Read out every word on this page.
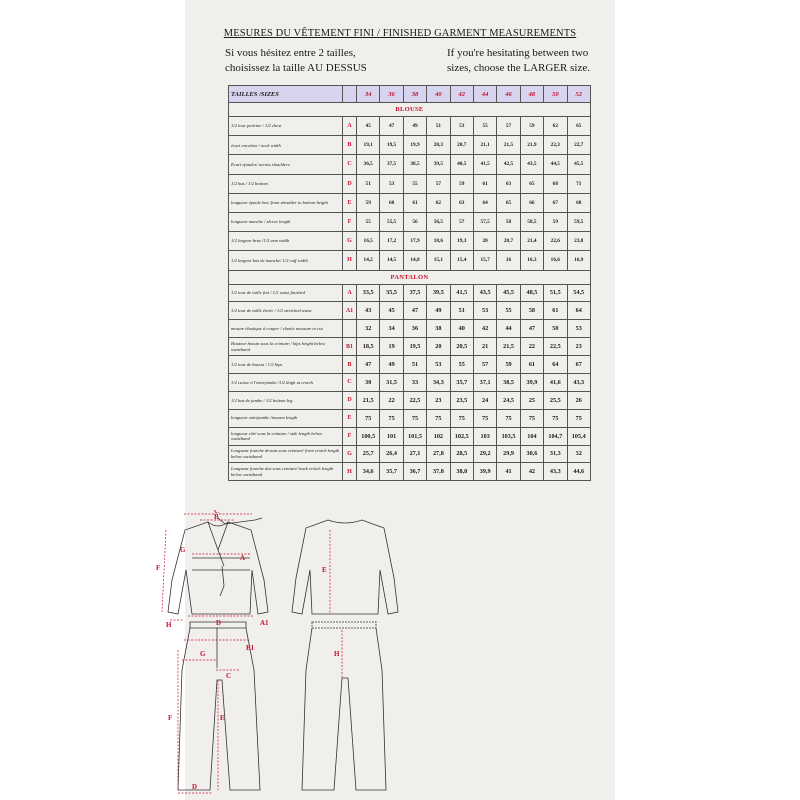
MESURES DU VÊTEMENT FINI / FINISHED GARMENT MEASUREMENTS
Si vous hésitez entre 2 tailles, choisissez la taille AU DESSUS
If you're hesitating between two sizes, choose the LARGER size.
TAILLES /SIZES		34	36	38	40	42	44	46	48	50	52
BLOUSE											
1/2 tour poitrine / 1/2 chest	A	45	47	49	51	53	55	57	59	62	65
écart encolure / neck width	B	19,1	19,5	19,9	20,3	20,7	21,1	21,5	21,9	22,3	22,7
Ecart épaules/ across shoulders	C	36,5	37,5	38,5	39,5	40,5	41,5	42,5	43,5	44,5	45,5
1/2 bas / 1/2 bottom	D	51	53	55	57	59	61	63	65	68	71
longueur épaule bas /from shoulder to bottom height	E	59	60	61	62	63	64	65	66	67	68
longueur manche / sleeve length	F	55	55,5	56	56,5	57	57,5	58	58,5	59	59,5
1/2 largeur bras /1/2 arm width	G	16,5	17,2	17,9	18,6	19,3	20	20,7	21,4	22,6	23,8
1/2 largeur bas de manche/ 1/2 cuff width	H	14,2	14,5	14,8	15,1	15,4	15,7	16	16,3	16,6	16,9
PANTALON											
1/2 tour de taille fini / 1/2 waist finished	A	33,5	35,5	37,5	39,5	41,5	43,5	45,5	48,5	51,5	54,5
1/2 tour de taille étirée / 1/2 stretched waist	A1	43	45	47	49	51	53	55	58	61	64
mesure élastique à couper / elastic measure to cut		32	34	36	38	40	42	44	47	50	53
Hauteur bassin sous la ceinture / hips height below waistband	B1	18,5	19	19,5	20	20,5	21	21,5	22	22,5	23
1/2 tour de bassin / 1/2 hips	B	47	49	51	53	55	57	59	61	64	67
1/2 cuisse à l'entrejambe /1/2 thigh at crotch	C	30	31,5	33	34,3	35,7	37,1	38,5	39,9	41,6	43,3
1/2 bas de jambe / 1/2 bottom leg	D	21,5	22	22,5	23	23,5	24	24,5	25	25,5	26
longueur entrejambe /inseam length	E	75	75	75	75	75	75	75	75	75	75
longueur côté sous la ceinture / side length below waistband	F	100,5	101	101,5	102	102,5	103	103,5	104	104,7	105,4
Longueur fourche devant sous ceinture/ front crotch length below waistband	G	25,7	26,4	27,1	27,8	28,5	29,2	29,9	30,6	31,3	32
Longueur fourche dos sous ceinture/ back crotch length below waistband	H	34,6	35,7	36,7	37,8	38,8	39,9	41	42	43,3	44,6
C
B
A
G
F
D
H
E
A1
B1
G
C
F	E
D
H
